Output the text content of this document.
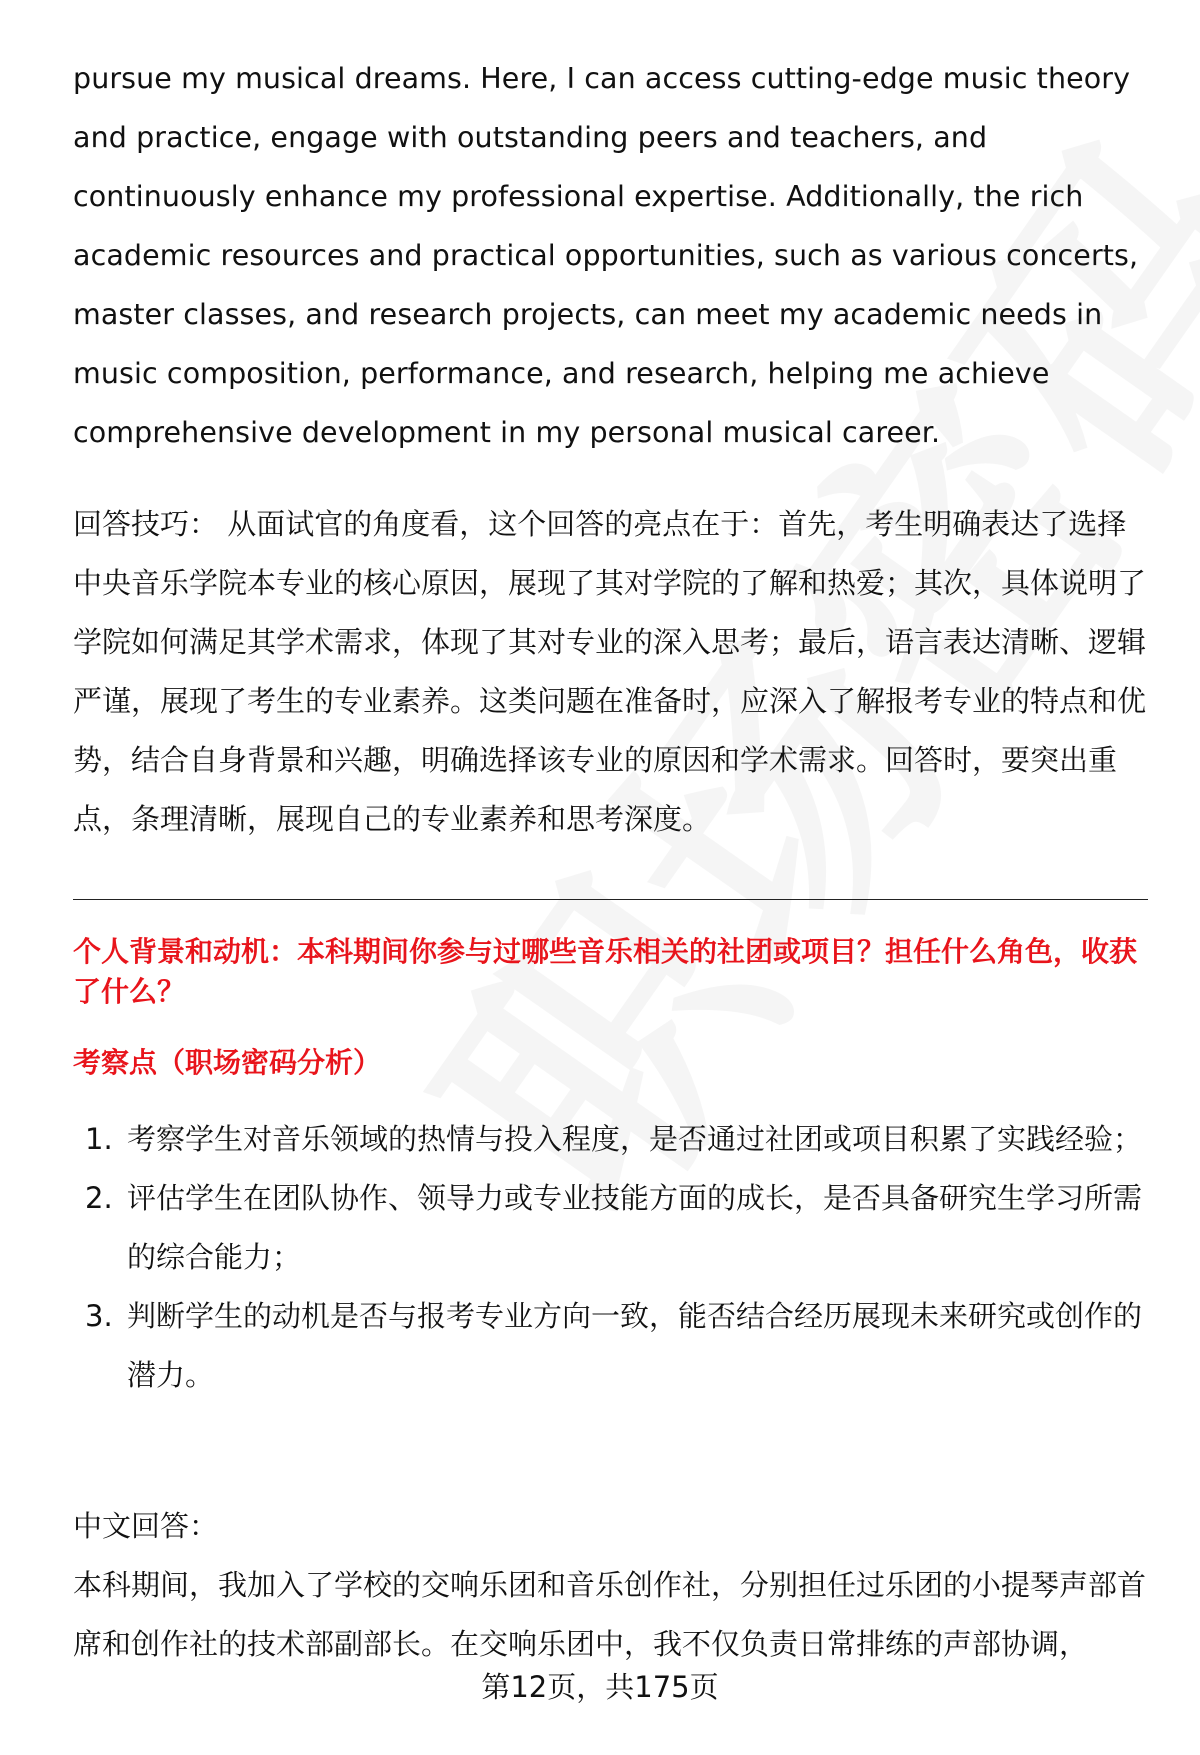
pursue my musical dreams. Here, I can access cutting-edge music theory and practice, engage with outstanding peers and teachers, and continuously enhance my professional expertise. Additionally, the rich academic resources and practical opportunities, such as various concerts, master classes, and research projects, can meet my academic needs in music composition, performance, and research, helping me achieve comprehensive development in my personal musical career.
回答技巧： 从面试官的角度看，这个回答的亮点在于：首先，考生明确表达了选择中央音乐学院本专业的核心原因，展现了其对学院的了解和热爱；其次，具体说明了学院如何满足其学术需求，体现了其对专业的深入思考；最后，语言表达清晰、逻辑严谨，展现了考生的专业素养。这类问题在准备时，应深入了解报考专业的特点和优势，结合自身背景和兴趣，明确选择该专业的原因和学术需求。回答时，要突出重点，条理清晰，展现自己的专业素养和思考深度。
个人背景和动机：本科期间你参与过哪些音乐相关的社团或项目？担任什么角色，收获了什么？
考察点（职场密码分析）
1. 考察学生对音乐领域的热情与投入程度，是否通过社团或项目积累了实践经验；
2. 评估学生在团队协作、领导力或专业技能方面的成长，是否具备研究生学习所需的综合能力；
3. 判断学生的动机是否与报考专业方向一致，能否结合经历展现未来研究或创作的潜力。
中文回答：
本科期间，我加入了学校的交响乐团和音乐创作社，分别担任过乐团的小提琴声部首席和创作社的技术部副部长。在交响乐团中，我不仅负责日常排练的声部协调，
第12页，共175页
